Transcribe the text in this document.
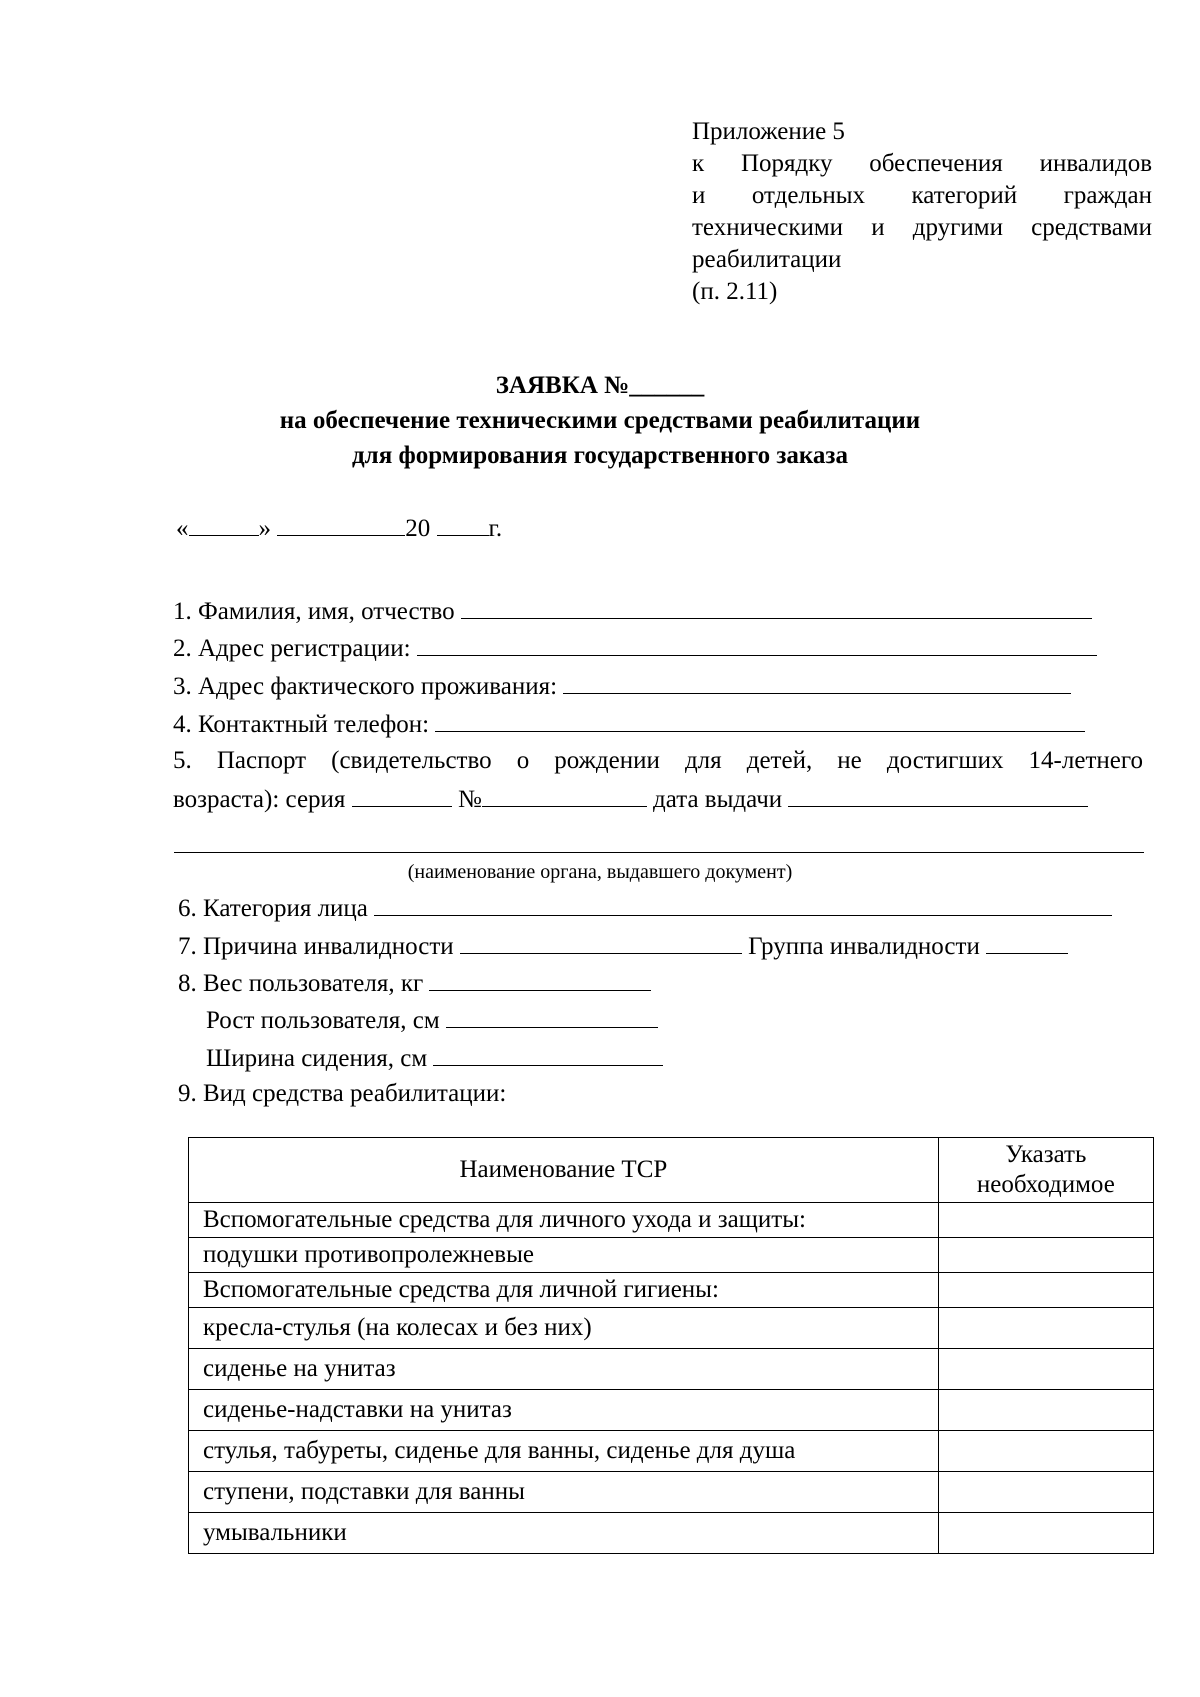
Приложение 5
к Порядку обеспечения инвалидов
и отдельных категорий граждан
техническими и другими средствами
реабилитации
(п. 2.11)
ЗАЯВКА №______
на обеспечение техническими средствами реабилитации
для формирования государственного заказа
«	»	20 г.
1. Фамилия, имя, отчество
2. Адрес регистрации:
3. Адрес фактического проживания:
4. Контактный телефон:
5. Паспорт (свидетельство о рождении для детей, не достигших 14-летнего
возраста): серия	№	дата выдачи
(наименование органа, выдавшего документ)
6. Категория лица
7. Причина инвалидности	Группа инвалидности
8. Вес пользователя, кг
Рост пользователя, см
Ширина сидения, см
9. Вид средства реабилитации:
Наименование ТСР	Указать
необходимое

Вспомогательные средства для личного ухода и защиты:	
подушки противопролежневые	
Вспомогательные средства для личной гигиены:	
кресла-стулья (на колесах и без них)	
сиденье на унитаз	
сиденье-надставки на унитаз	
стулья, табуреты, сиденье для ванны, сиденье для душа	
ступени, подставки для ванны	
умывальники	
